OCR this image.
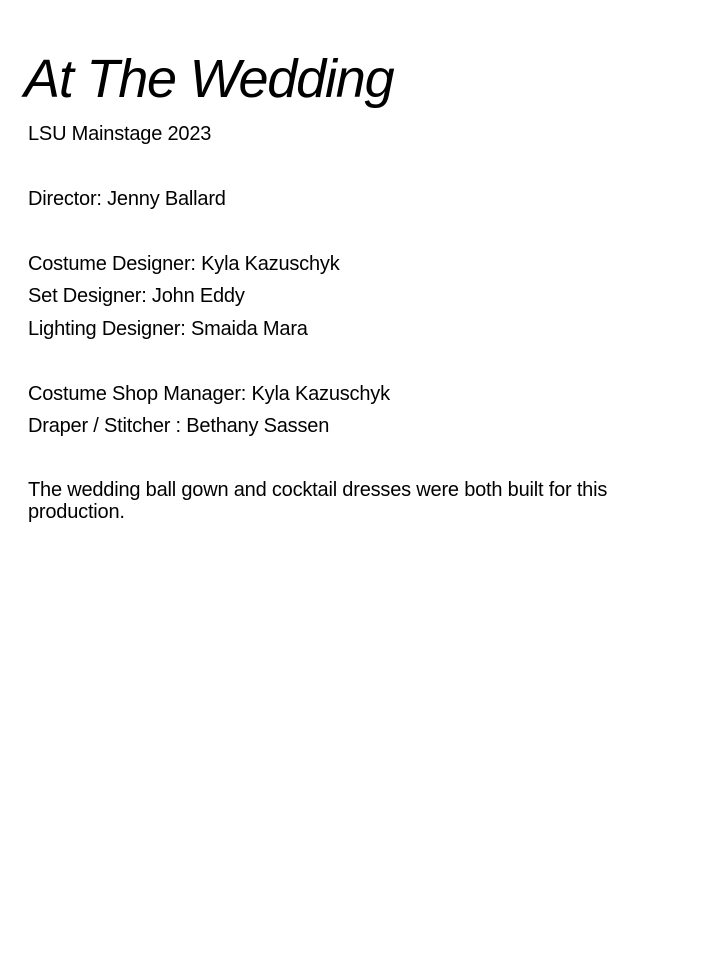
At The Wedding

LSU Mainstage 2023

Director: Jenny Ballard

Costume Designer: Kyla Kazuschyk

Set Designer: John Eddy

Lighting Designer: Smaida Mara

Costume Shop Manager: Kyla Kazuschyk

Draper / Stitcher : Bethany Sassen

The wedding ball gown and cocktail dresses were both built for this production.
